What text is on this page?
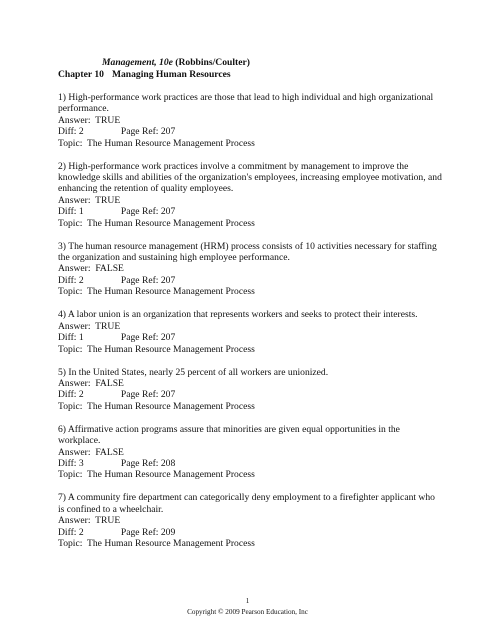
Management, 10e (Robbins/Coulter)
Chapter 10 Managing Human Resources
1) High-performance work practices are those that lead to high individual and high organizational performance.
Answer: TRUE
Diff: 2	Page Ref: 207
Topic: The Human Resource Management Process
2) High-performance work practices involve a commitment by management to improve the knowledge skills and abilities of the organization's employees, increasing employee motivation, and enhancing the retention of quality employees.
Answer: TRUE
Diff: 1	Page Ref: 207
Topic: The Human Resource Management Process
3) The human resource management (HRM) process consists of 10 activities necessary for staffing the organization and sustaining high employee performance.
Answer: FALSE
Diff: 2	Page Ref: 207
Topic: The Human Resource Management Process
4) A labor union is an organization that represents workers and seeks to protect their interests.
Answer: TRUE
Diff: 1	Page Ref: 207
Topic: The Human Resource Management Process
5) In the United States, nearly 25 percent of all workers are unionized.
Answer: FALSE
Diff: 2	Page Ref: 207
Topic: The Human Resource Management Process
6) Affirmative action programs assure that minorities are given equal opportunities in the workplace.
Answer: FALSE
Diff: 3	Page Ref: 208
Topic: The Human Resource Management Process
7) A community fire department can categorically deny employment to a firefighter applicant who is confined to a wheelchair.
Answer: TRUE
Diff: 2	Page Ref: 209
Topic: The Human Resource Management Process
1
Copyright © 2009 Pearson Education, Inc
